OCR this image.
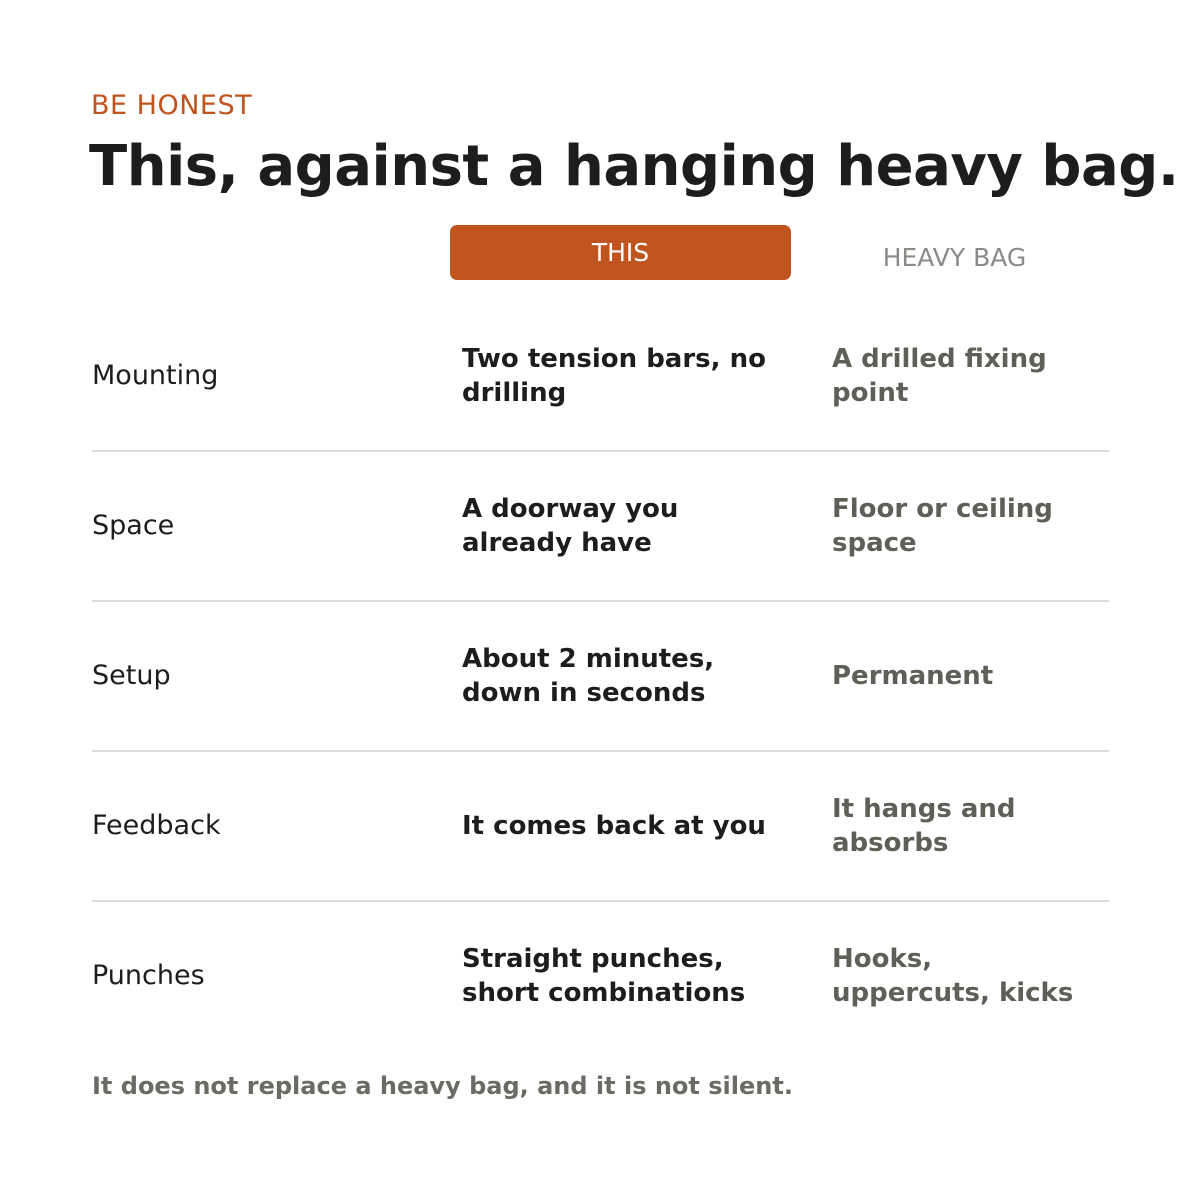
BE HONEST
This, against a hanging heavy bag.
THIS	HEAVY BAG
Mounting
Two tension bars, no drilling
A drilled fixing point
Space
A doorway you already have
Floor or ceiling space
Setup
About 2 minutes, down in seconds
Permanent
Feedback	It comes back at you
It hangs and absorbs
Punches
Straight punches, short combinations
Hooks, uppercuts, kicks
It does not replace a heavy bag, and it is not silent.
